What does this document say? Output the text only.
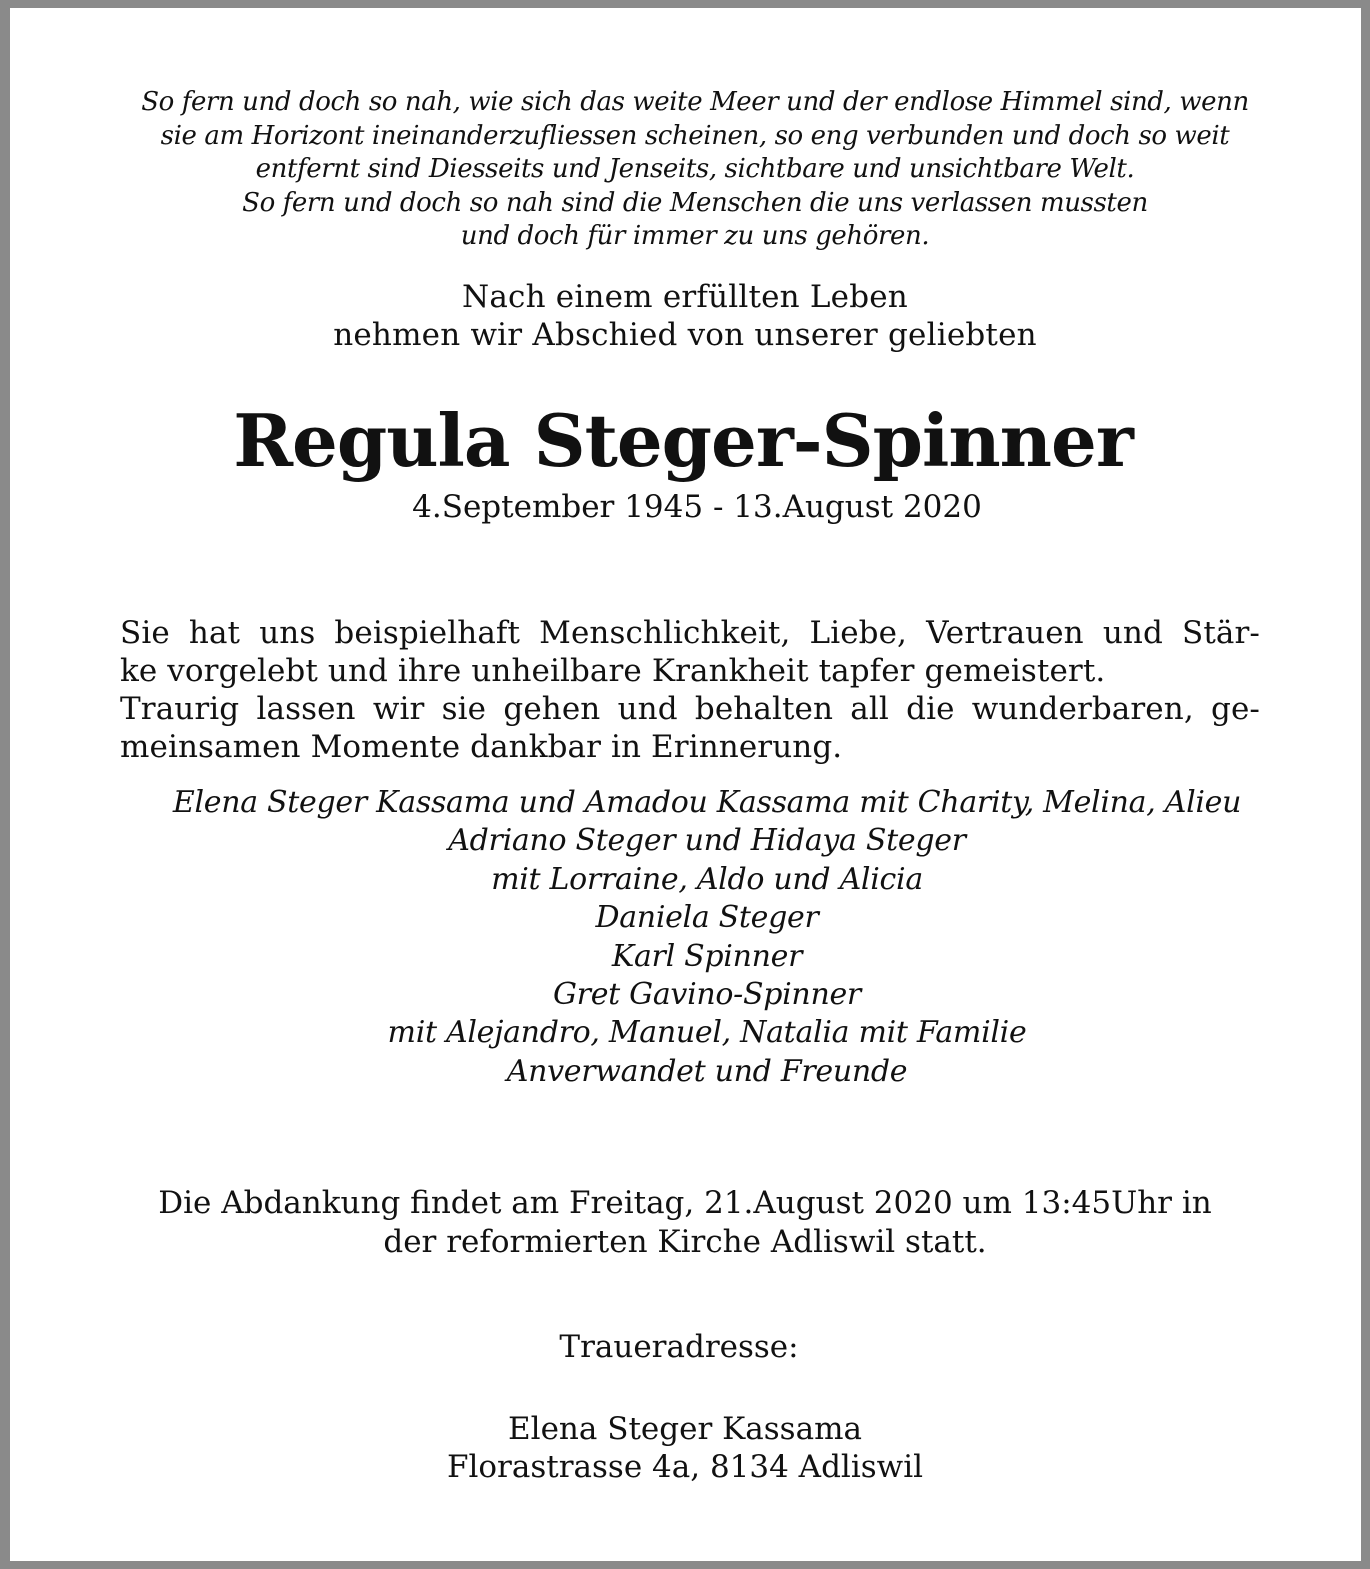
So fern und doch so nah, wie sich das weite Meer und der endlose Himmel sind, wenn
sie am Horizont ineinanderzufliessen scheinen, so eng verbunden und doch so weit
entfernt sind Diesseits und Jenseits, sichtbare und unsichtbare Welt.
So fern und doch so nah sind die Menschen die uns verlassen mussten
und doch für immer zu uns gehören.

Nach einem erfüllten Leben
nehmen wir Abschied von unserer geliebten

Regula Steger-Spinner

4.September 1945 - 13.August 2020

Sie hat uns beispielhaft Menschlichkeit, Liebe, Vertrauen und Stär-
ke vorgelebt und ihre unheilbare Krankheit tapfer gemeistert.
Traurig lassen wir sie gehen und behalten all die wunderbaren, ge-
meinsamen Momente dankbar in Erinnerung.

Elena Steger Kassama und Amadou Kassama mit Charity, Melina, Alieu
Adriano Steger und Hidaya Steger
mit Lorraine, Aldo und Alicia
Daniela Steger
Karl Spinner
Gret Gavino-Spinner
mit Alejandro, Manuel, Natalia mit Familie
Anverwandet und Freunde

Die Abdankung findet am Freitag, 21.August 2020 um 13:45Uhr in
der reformierten Kirche Adliswil statt.

Traueradresse:

Elena Steger Kassama
Florastrasse 4a, 8134 Adliswil
